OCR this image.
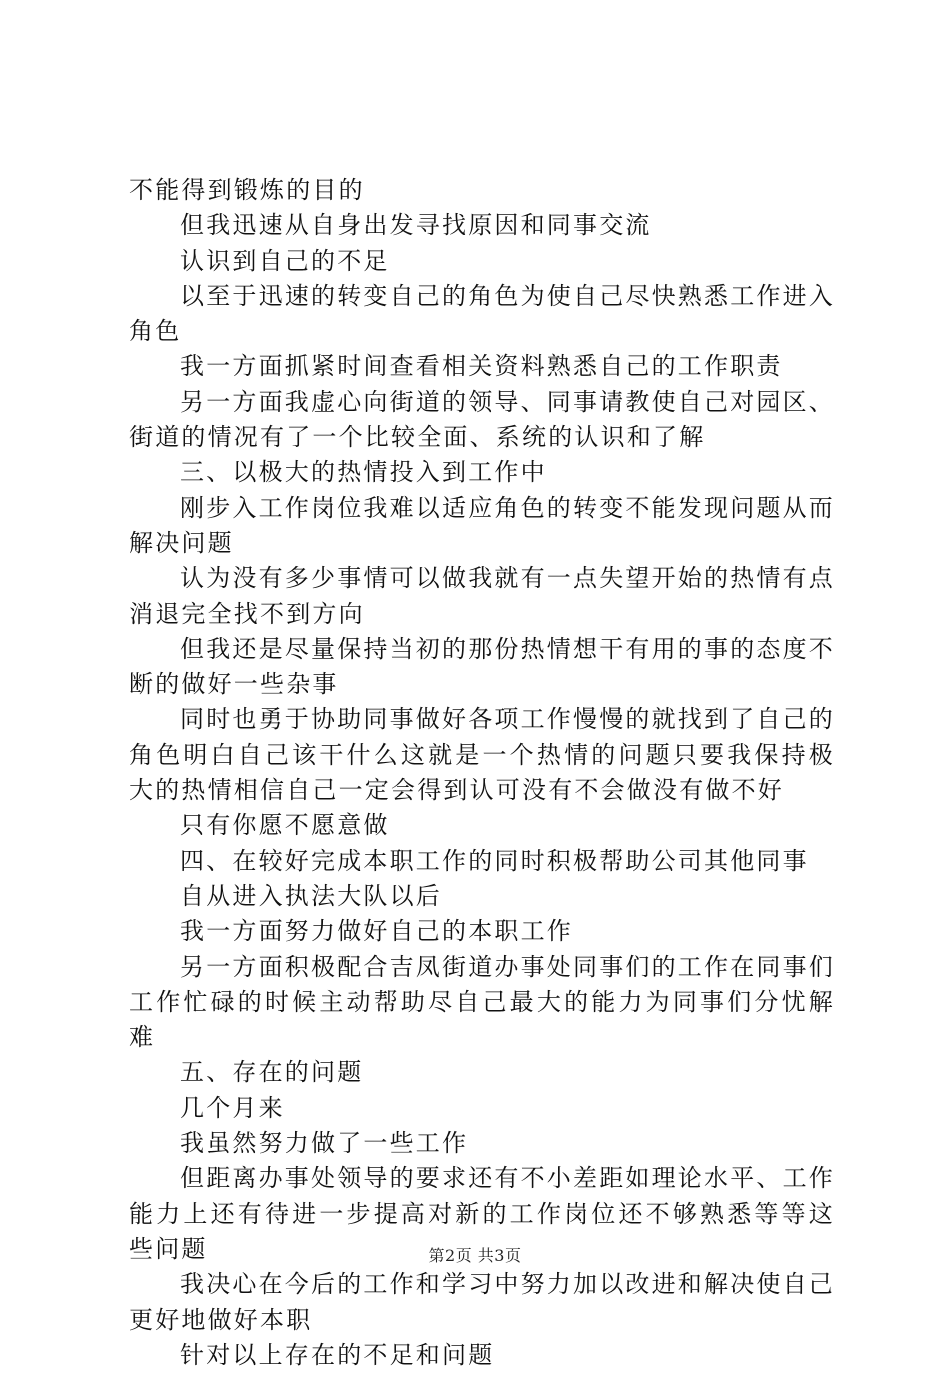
不能得到锻炼的目的

但我迅速从自身出发寻找原因和同事交流

认识到自己的不足

以至于迅速的转变自己的角色为使自己尽快熟悉工作进入角色

我一方面抓紧时间查看相关资料熟悉自己的工作职责

另一方面我虚心向街道的领导、同事请教使自己对园区、街道的情况有了一个比较全面、系统的认识和了解

三、以极大的热情投入到工作中

刚步入工作岗位我难以适应角色的转变不能发现问题从而解决问题

认为没有多少事情可以做我就有一点失望开始的热情有点消退完全找不到方向

但我还是尽量保持当初的那份热情想干有用的事的态度不断的做好一些杂事

同时也勇于协助同事做好各项工作慢慢的就找到了自己的角色明白自己该干什么这就是一个热情的问题只要我保持极大的热情相信自己一定会得到认可没有不会做没有做不好

只有你愿不愿意做

四、在较好完成本职工作的同时积极帮助公司其他同事

自从进入执法大队以后

我一方面努力做好自己的本职工作

另一方面积极配合吉凤街道办事处同事们的工作在同事们工作忙碌的时候主动帮助尽自己最大的能力为同事们分忧解难

五、存在的问题

几个月来

我虽然努力做了一些工作

但距离办事处领导的要求还有不小差距如理论水平、工作能力上还有待进一步提高对新的工作岗位还不够熟悉等等这些问题

我决心在今后的工作和学习中努力加以改进和解决使自己更好地做好本职

针对以上存在的不足和问题

第2页 共3页
